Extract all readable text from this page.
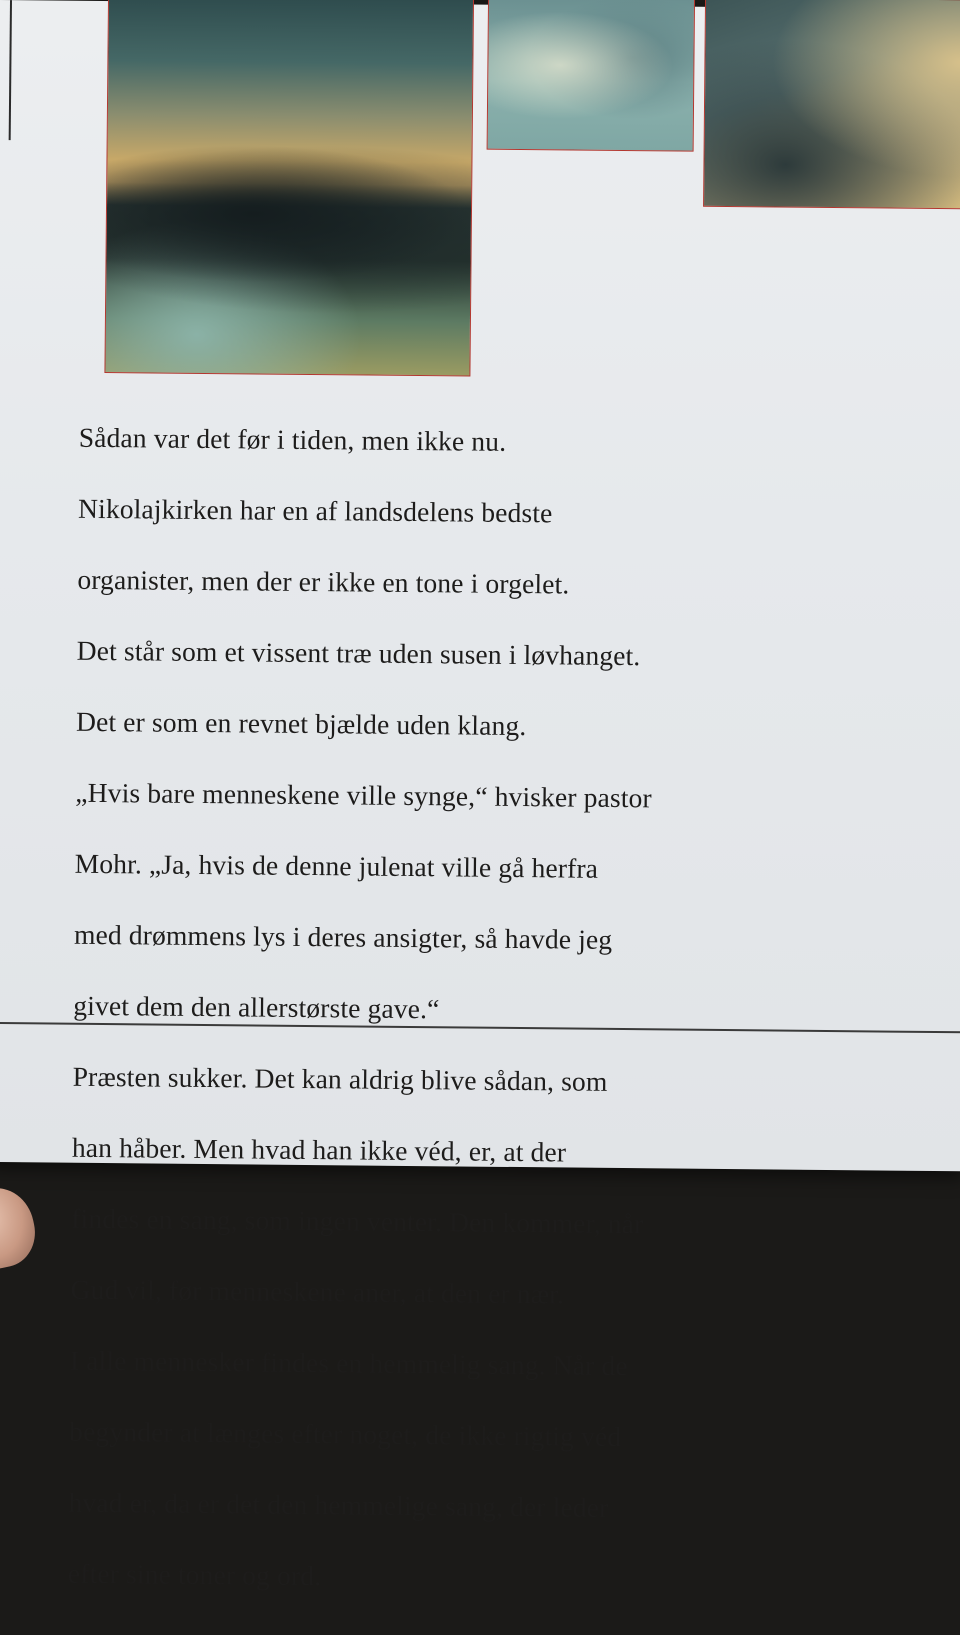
Sådan var det før i tiden, men ikke nu.

Nikolajkirken har en af landsdelens bedste

organister, men der er ikke en tone i orgelet.

Det står som et vissent træ uden susen i løvhanget.

Det er som en revnet bjælde uden klang.

„Hvis bare menneskene ville synge,“ hvisker pastor

Mohr. „Ja, hvis de denne julenat ville gå herfra

med drømmens lys i deres ansigter, så havde jeg

givet dem den allerstørste gave.“

Præsten sukker. Det kan aldrig blive sådan, som

han håber. Men hvad han ikke véd, er, at der

findes en sang, som ingen venter. Den kommer, når

Gud vil, før menneskene aner, at den er nær.

I alle mennesker findes en hemmelig sang. Når de

begynder at længes efter noget, de ikke rigtig véd

hvad er, da er det den hemmelige sang, der leder

efter sine toner og ord.
